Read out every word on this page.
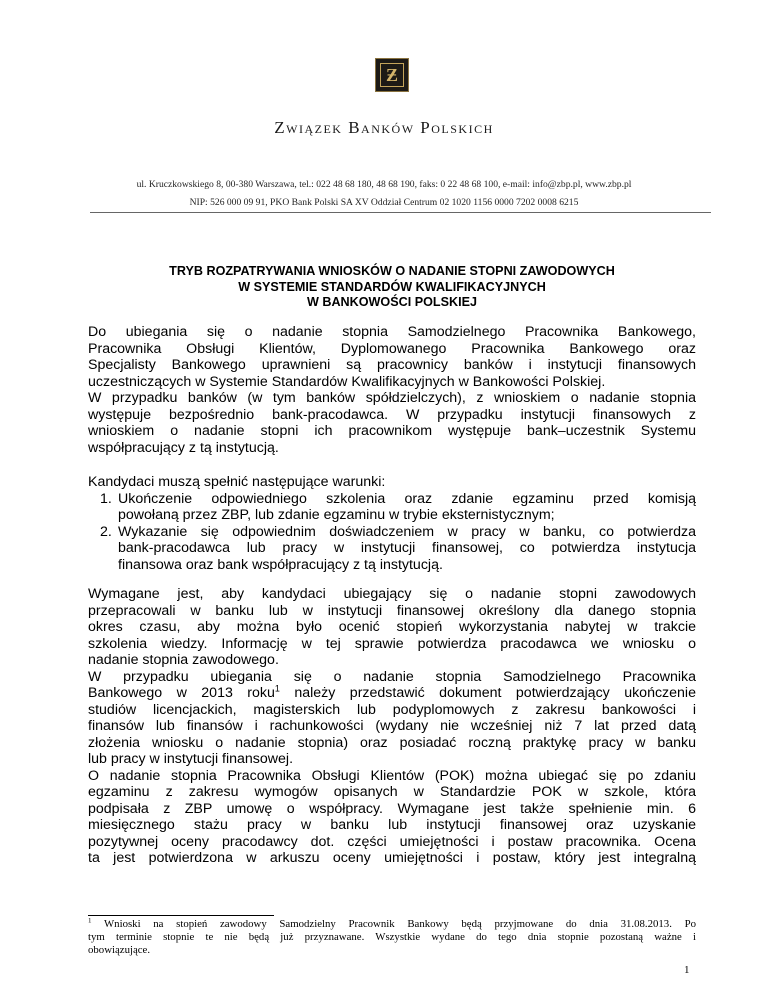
Ƶ
Związek Banków Polskich
ul. Kruczkowskiego 8, 00-380 Warszawa, tel.: 022 48 68 180, 48 68 190, faks: 0 22 48 68 100, e-mail: info@zbp.pl, www.zbp.pl
NIP: 526 000 09 91, PKO Bank Polski SA XV Oddział Centrum 02 1020 1156 0000 7202 0008 6215
TRYB ROZPATRYWANIA WNIOSKÓW O NADANIE STOPNI ZAWODOWYCH
W SYSTEMIE STANDARDÓW KWALIFIKACYJNYCH
W BANKOWOŚCI POLSKIEJ
Do ubiegania się o nadanie stopnia Samodzielnego Pracownika Bankowego,
Pracownika Obsługi Klientów, Dyplomowanego Pracownika Bankowego oraz
Specjalisty Bankowego uprawnieni są pracownicy banków i instytucji finansowych
uczestniczących w Systemie Standardów Kwalifikacyjnych w Bankowości Polskiej.
W przypadku banków (w tym banków spółdzielczych), z wnioskiem o nadanie stopnia
występuje bezpośrednio bank-pracodawca. W przypadku instytucji finansowych z
wnioskiem o nadanie stopni ich pracownikom występuje bank–uczestnik Systemu
współpracujący z tą instytucją.
Kandydaci muszą spełnić następujące warunki:
1. Ukończenie odpowiedniego szkolenia oraz zdanie egzaminu przed komisją
powołaną przez ZBP, lub zdanie egzaminu w trybie eksternistycznym;
2. Wykazanie się odpowiednim doświadczeniem w pracy w banku, co potwierdza
bank-pracodawca lub pracy w instytucji finansowej, co potwierdza instytucja
finansowa oraz bank współpracujący z tą instytucją.
Wymagane jest, aby kandydaci ubiegający się o nadanie stopni zawodowych
przepracowali w banku lub w instytucji finansowej określony dla danego stopnia
okres czasu, aby można było ocenić stopień wykorzystania nabytej w trakcie
szkolenia wiedzy. Informację w tej sprawie potwierdza pracodawca we wniosku o
nadanie stopnia zawodowego.
W przypadku ubiegania się o nadanie stopnia Samodzielnego Pracownika
Bankowego w 2013 roku$^1$ należy przedstawić dokument potwierdzający ukończenie
studiów licencjackich, magisterskich lub podyplomowych z zakresu bankowości i
finansów lub finansów i rachunkowości (wydany nie wcześniej niż 7 lat przed datą
złożenia wniosku o nadanie stopnia) oraz posiadać roczną praktykę pracy w banku
lub pracy w instytucji finansowej.
O nadanie stopnia Pracownika Obsługi Klientów (POK) można ubiegać się po zdaniu
egzaminu z zakresu wymogów opisanych w Standardzie POK w szkole, która
podpisała z ZBP umowę o współpracy. Wymagane jest także spełnienie min. 6
miesięcznego stażu pracy w banku lub instytucji finansowej oraz uzyskanie
pozytywnej oceny pracodawcy dot. części umiejętności i postaw pracownika. Ocena
ta jest potwierdzona w arkuszu oceny umiejętności i postaw, który jest integralną
$^1$ Wnioski na stopień zawodowy Samodzielny Pracownik Bankowy będą przyjmowane do dnia 31.08.2013. Po
tym terminie stopnie te nie będą już przyznawane. Wszystkie wydane do tego dnia stopnie pozostaną ważne i
obowiązujące.
1
